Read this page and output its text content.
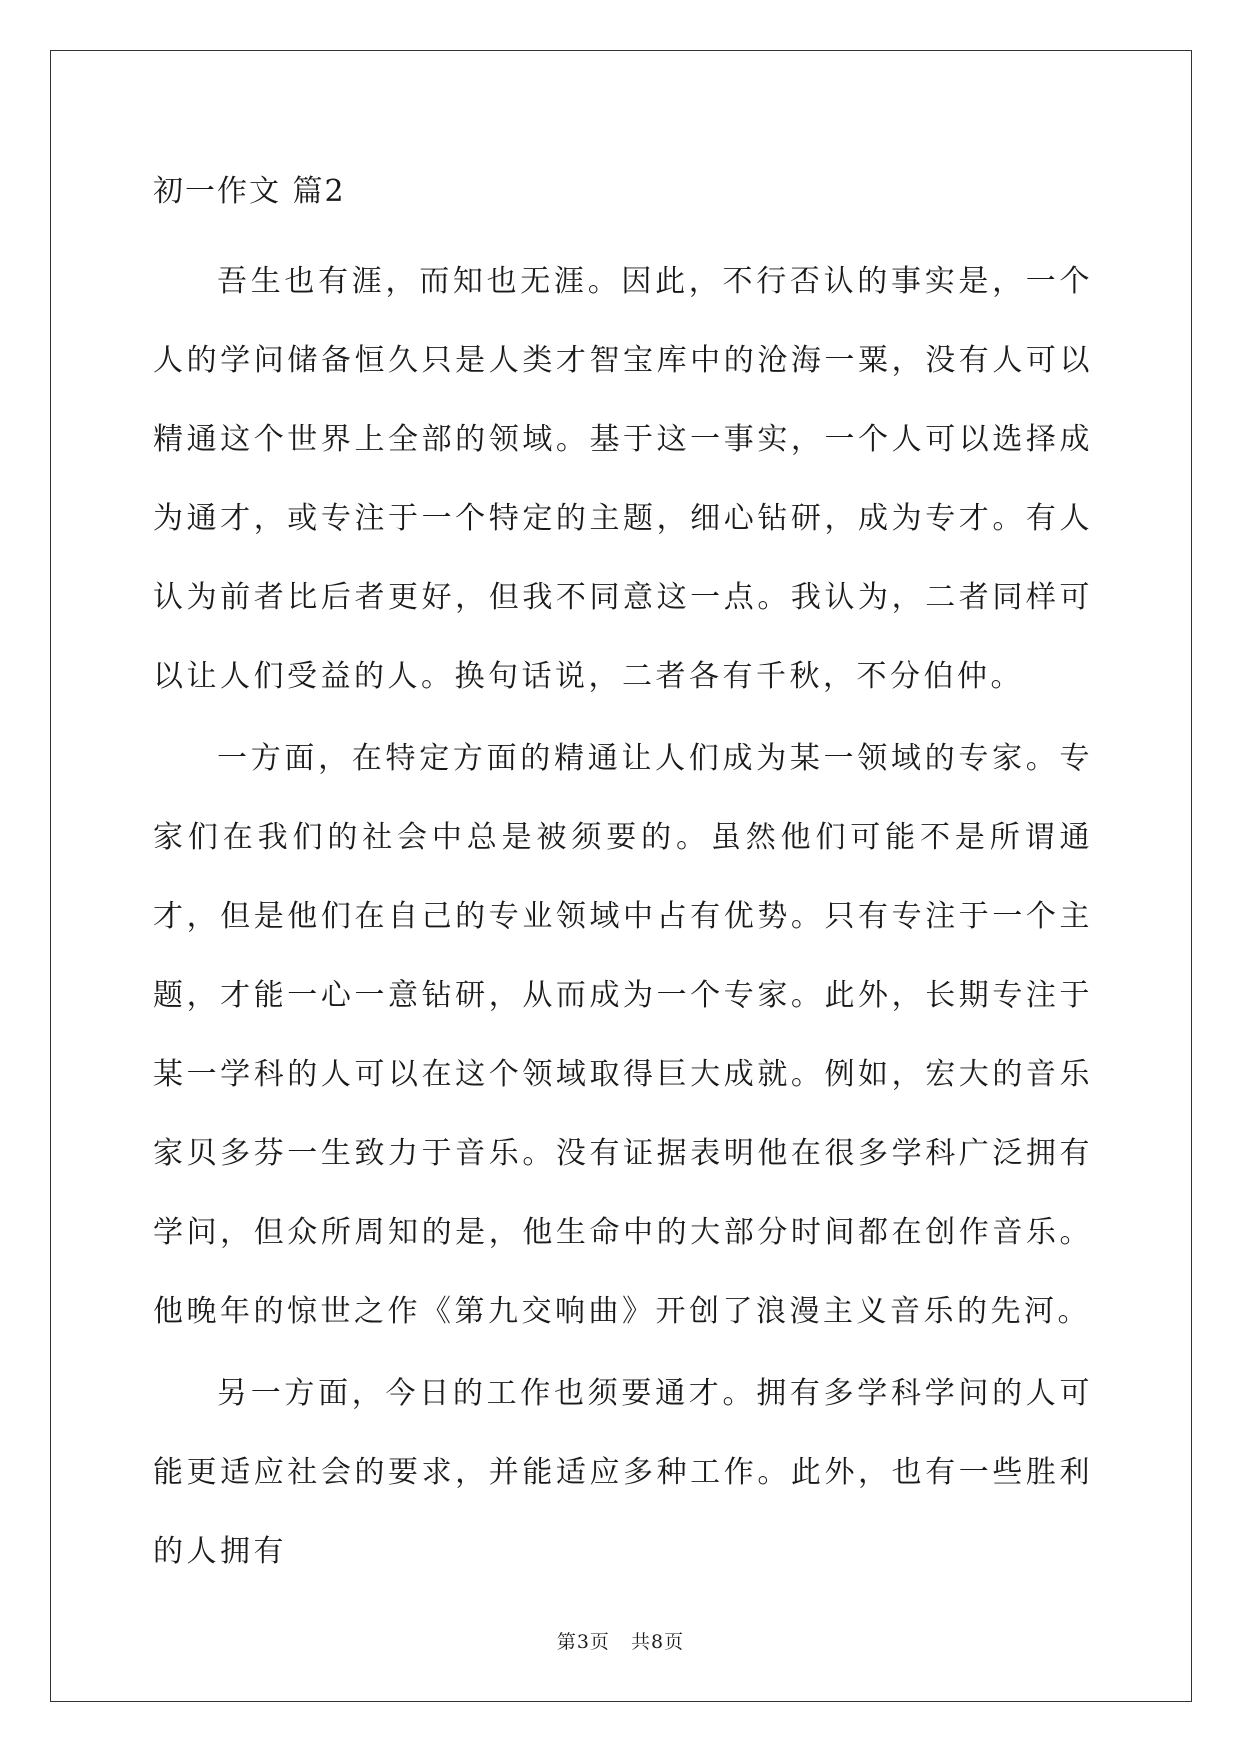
初一作文 篇2

吾生也有涯，而知也无涯。因此，不行否认的事实是，一个人的学问储备恒久只是人类才智宝库中的沧海一粟，没有人可以精通这个世界上全部的领域。基于这一事实，一个人可以选择成为通才，或专注于一个特定的主题，细心钻研，成为专才。有人认为前者比后者更好，但我不同意这一点。我认为，二者同样可以让人们受益的人。换句话说，二者各有千秋，不分伯仲。

一方面，在特定方面的精通让人们成为某一领域的专家。专家们在我们的社会中总是被须要的。虽然他们可能不是所谓通才，但是他们在自己的专业领域中占有优势。只有专注于一个主题，才能一心一意钻研，从而成为一个专家。此外，长期专注于某一学科的人可以在这个领域取得巨大成就。例如，宏大的音乐家贝多芬一生致力于音乐。没有证据表明他在很多学科广泛拥有学问，但众所周知的是，他生命中的大部分时间都在创作音乐。他晚年的惊世之作《第九交响曲》开创了浪漫主义音乐的先河。

另一方面，今日的工作也须要通才。拥有多学科学问的人可能更适应社会的要求，并能适应多种工作。此外，也有一些胜利的人拥有

第3页   共8页
